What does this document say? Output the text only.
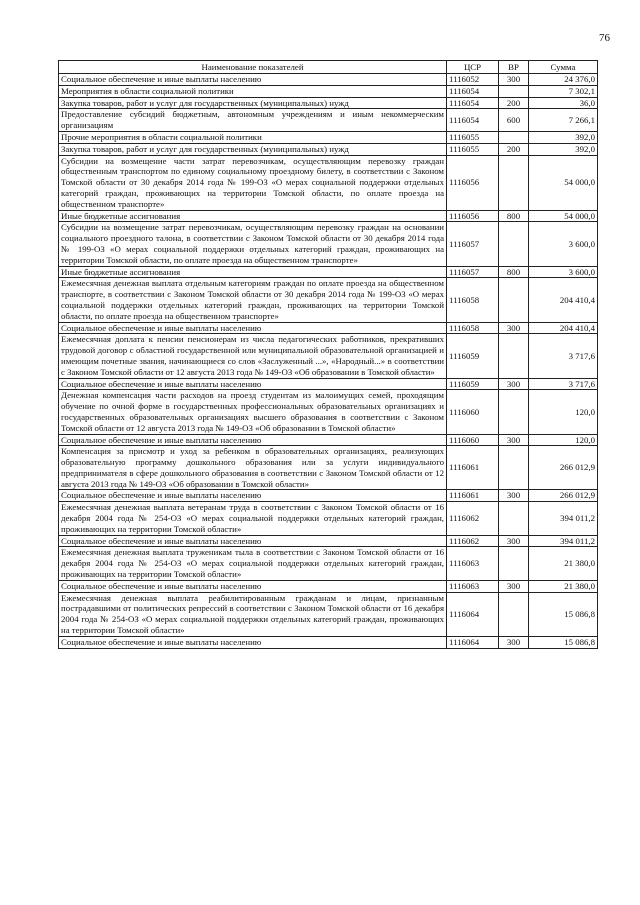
76
Наименование показателей	ЦСР	ВР	Сумма
Социальное обеспечение и иные выплаты населению	1116052	300	24 376,0
Мероприятия в области социальной политики	1116054		7 302,1
Закупка товаров, работ и услуг для государственных (муниципальных) нужд	1116054	200	36,0
Предоставление субсидий бюджетным, автономным учреждениям и иным некоммерческим организациям	1116054	600	7 266,1
Прочие мероприятия в области социальной политики	1116055		392,0
Закупка товаров, работ и услуг для государственных (муниципальных) нужд	1116055	200	392,0
Субсидии на возмещение части затрат перевозчикам, осуществляющим перевозку граждан общественным транспортом по единому социальному проездному билету, в соответствии с Законом Томской области от 30 декабря 2014 года № 199-ОЗ «О мерах социальной поддержки отдельных категорий граждан, проживающих на территории Томской области, по оплате проезда на общественном транспорте»	1116056		54 000,0
Иные бюджетные ассигнования	1116056	800	54 000,0
Субсидии на возмещение затрат перевозчикам, осуществляющим перевозку граждан на основании социального проездного талона, в соответствии с Законом Томской области от 30 декабря 2014 года № 199-ОЗ «О мерах социальной поддержки отдельных категорий граждан, проживающих на территории Томской области, по оплате проезда на общественном транспорте»	1116057		3 600,0
Иные бюджетные ассигнования	1116057	800	3 600,0
Ежемесячная денежная выплата отдельным категориям граждан по оплате проезда на общественном транспорте, в соответствии с Законом Томской области от 30 декабря 2014 года № 199-ОЗ «О мерах социальной поддержки отдельных категорий граждан, проживающих на территории Томской области, по оплате проезда на общественном транспорте»	1116058		204 410,4
Социальное обеспечение и иные выплаты населению	1116058	300	204 410,4
Ежемесячная доплата к пенсии пенсионерам из числа педагогических работников, прекративших трудовой договор с областной государственной или муниципальной образовательной организацией и имеющим почетные звания, начинающиеся со слов «Заслуженный ...», «Народный...» в соответствии с Законом Томской области от 12 августа 2013 года № 149-ОЗ «Об образовании в Томской области»	1116059		3 717,6
Социальное обеспечение и иные выплаты населению	1116059	300	3 717,6
Денежная компенсация части расходов на проезд студентам из малоимущих семей, проходящим обучение по очной форме в государственных профессиональных образовательных организациях и государственных образовательных организациях высшего образования в соответствии с Законом Томской области от 12 августа 2013 года № 149-ОЗ «Об образовании в Томской области»	1116060		120,0
Социальное обеспечение и иные выплаты населению	1116060	300	120,0
Компенсация за присмотр и уход за ребенком в образовательных организациях, реализующих образовательную программу дошкольного образования или за услуги индивидуального предпринимателя в сфере дошкольного образования в соответствии с Законом Томской области от 12 августа 2013 года № 149-ОЗ «Об образовании в Томской области»	1116061		266 012,9
Социальное обеспечение и иные выплаты населению	1116061	300	266 012,9
Ежемесячная денежная выплата ветеранам труда в соответствии с Законом Томской области от 16 декабря 2004 года № 254-ОЗ «О мерах социальной поддержки отдельных категорий граждан, проживающих на территории Томской области»	1116062		394 011,2
Социальное обеспечение и иные выплаты населению	1116062	300	394 011,2
Ежемесячная денежная выплата труженикам тыла в соответствии с Законом Томской области от 16 декабря 2004 года № 254-ОЗ «О мерах социальной поддержки отдельных категорий граждан, проживающих на территории Томской области»	1116063		21 380,0
Социальное обеспечение и иные выплаты населению	1116063	300	21 380,0
Ежемесячная денежная выплата реабилитированным гражданам и лицам, признанным пострадавшими от политических репрессий в соответствии с Законом Томской области от 16 декабря 2004 года № 254-ОЗ «О мерах социальной поддержки отдельных категорий граждан, проживающих на территории Томской области»	1116064		15 086,8
Социальное обеспечение и иные выплаты населению	1116064	300	15 086,8
